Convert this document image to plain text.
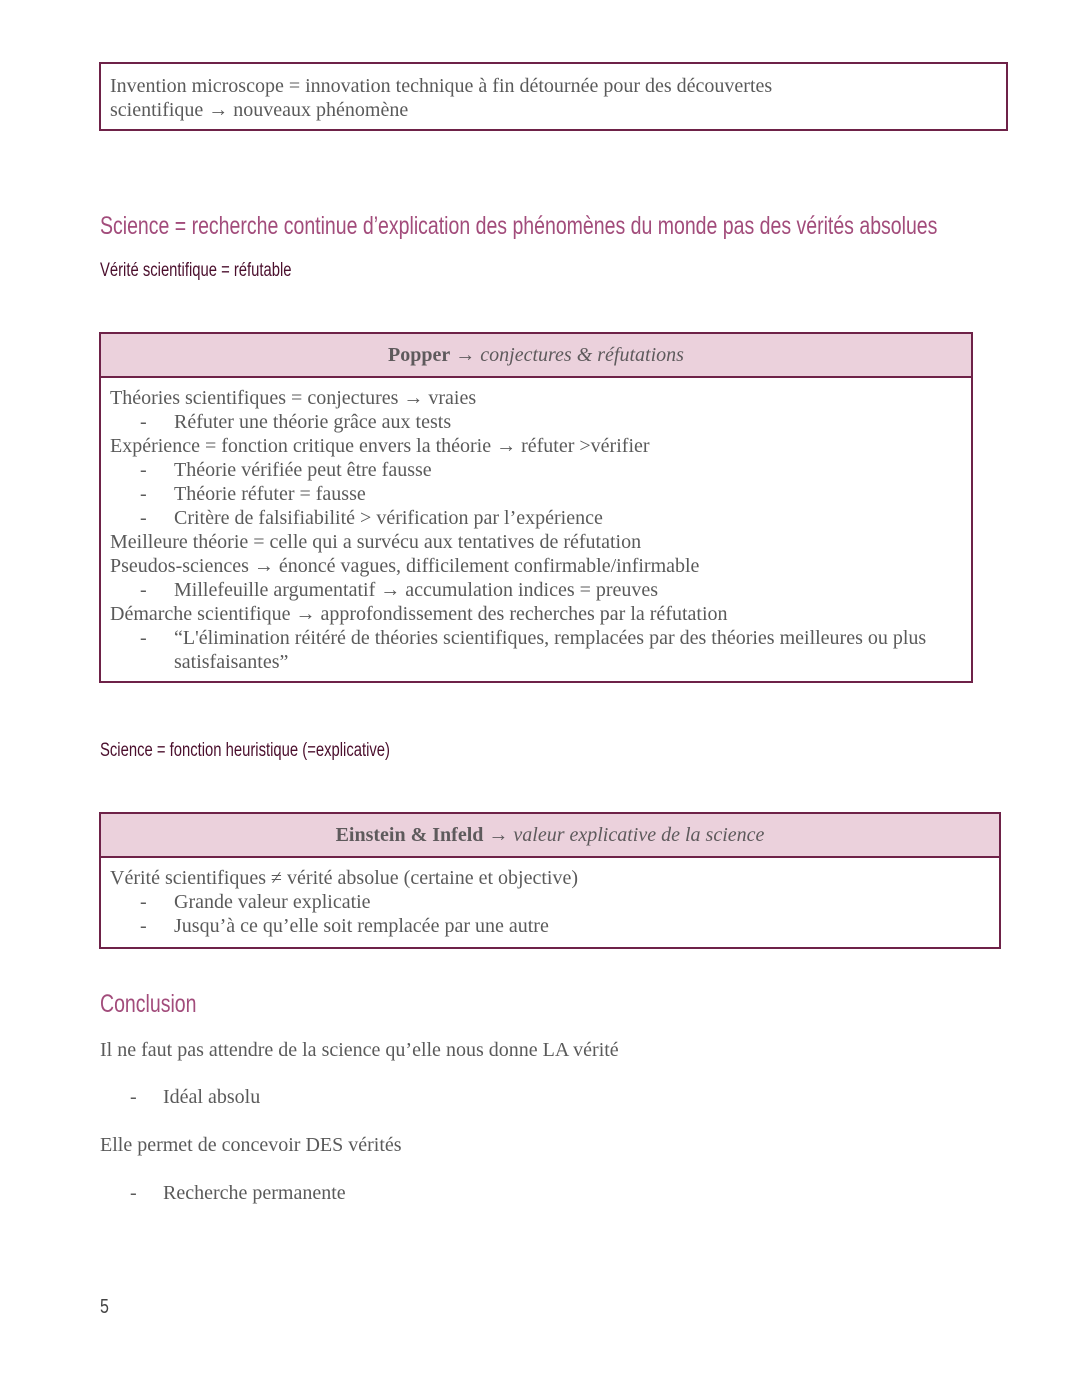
Invention microscope = innovation technique à fin détournée pour des découvertes
scientifique → nouveaux phénomène
Science = recherche continue d’explication des phénomènes du monde pas des vérités absolues
Vérité scientifique = réfutable
Popper → conjectures & réfutations
Théories scientifiques = conjectures → vraies
-	Réfuter une théorie grâce aux tests
Expérience = fonction critique envers la théorie → réfuter >vérifier
-	Théorie vérifiée peut être fausse
-	Théorie réfuter = fausse
-	Critère de falsifiabilité > vérification par l’expérience
Meilleure théorie = celle qui a survécu aux tentatives de réfutation
Pseudos-sciences → énoncé vagues, difficilement confirmable/infirmable
-	Millefeuille argumentatif → accumulation indices = preuves
Démarche scientifique → approfondissement des recherches par la réfutation
-	“L'élimination réitéré de théories scientifiques, remplacées par des théories meilleures ou plus satisfaisantes”
Science = fonction heuristique (=explicative)
Einstein & Infeld → valeur explicative de la science
Vérité scientifiques ≠ vérité absolue (certaine et objective)
-	Grande valeur explicatie
-	Jusqu’à ce qu’elle soit remplacée par une autre
Conclusion
Il ne faut pas attendre de la science qu’elle nous donne LA vérité
- Idéal absolu
Elle permet de concevoir DES vérités
- Recherche permanente
5
